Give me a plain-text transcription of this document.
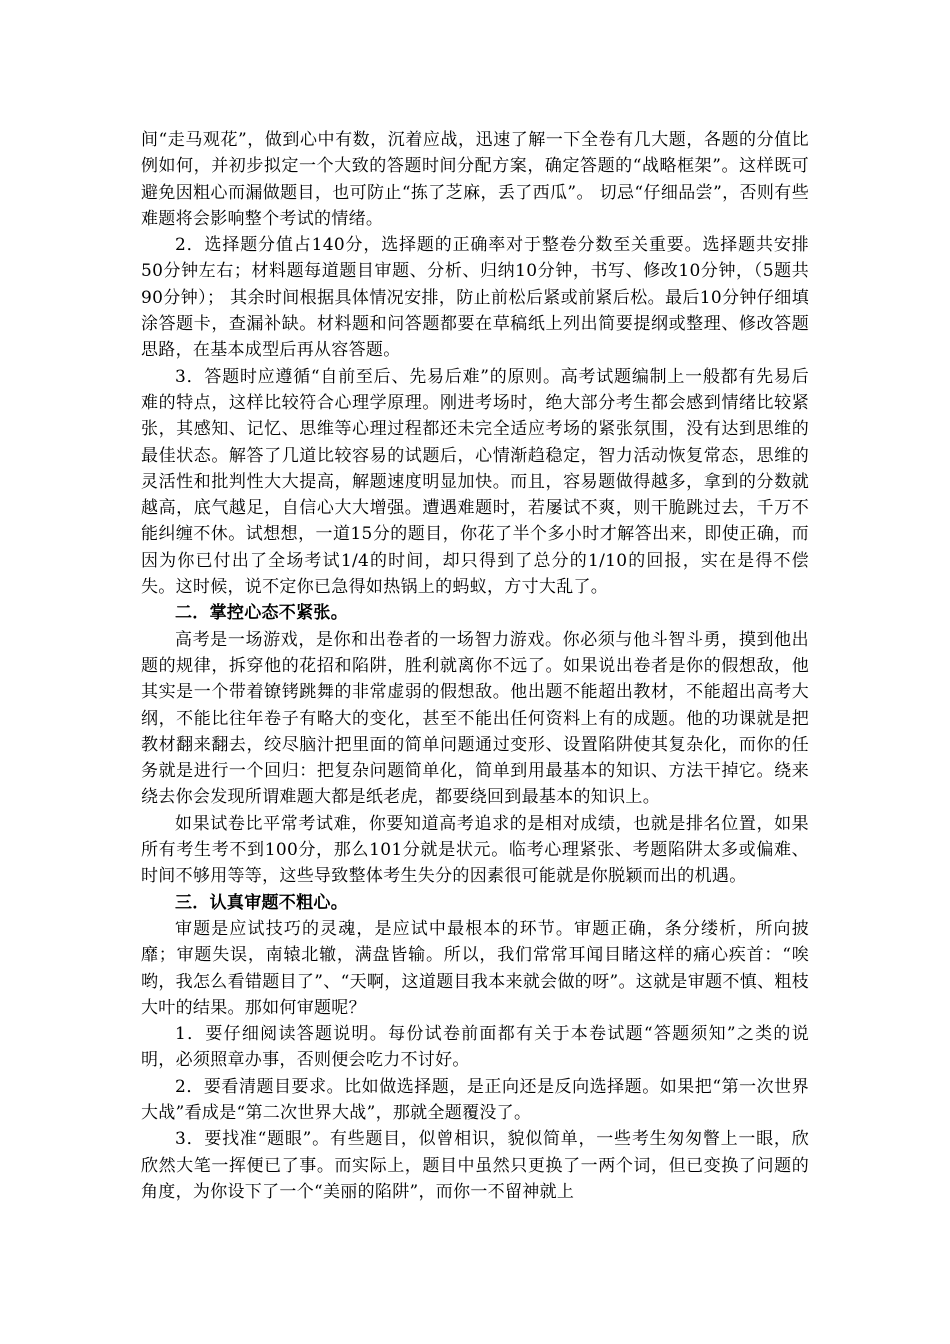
间“走马观花”，做到心中有数，沉着应战，迅速了解一下全卷有几大题，各题的分值比例如何，并初步拟定一个大致的答题时间分配方案，确定答题的“战略框架”。这样既可避免因粗心而漏做题目，也可防止“拣了芝麻，丢了西瓜”。 切忌“仔细品尝”，否则有些难题将会影响整个考试的情绪。

2．选择题分值占140分，选择题的正确率对于整卷分数至关重要。选择题共安排50分钟左右；材料题每道题目审题、分析、归纳10分钟，书写、修改10分钟，（5题共90分钟）； 其余时间根据具体情况安排，防止前松后紧或前紧后松。最后10分钟仔细填涂答题卡，查漏补缺。材料题和问答题都要在草稿纸上列出简要提纲或整理、修改答题思路，在基本成型后再从容答题。

3．答题时应遵循“自前至后、先易后难”的原则。高考试题编制上一般都有先易后难的特点，这样比较符合心理学原理。刚进考场时，绝大部分考生都会感到情绪比较紧张，其感知、记忆、思维等心理过程都还未完全适应考场的紧张氛围，没有达到思维的最佳状态。解答了几道比较容易的试题后，心情渐趋稳定，智力活动恢复常态，思维的灵活性和批判性大大提高，解题速度明显加快。而且，容易题做得越多，拿到的分数就越高，底气越足，自信心大大增强。遭遇难题时，若屡试不爽，则干脆跳过去，千万不能纠缠不休。试想想，一道15分的题目，你花了半个多小时才解答出来，即使正确，而因为你已付出了全场考试1/4的时间，却只得到了总分的1/10的回报，实在是得不偿失。这时候，说不定你已急得如热锅上的蚂蚁，方寸大乱了。

二．掌控心态不紧张。

高考是一场游戏，是你和出卷者的一场智力游戏。你必须与他斗智斗勇，摸到他出题的规律，拆穿他的花招和陷阱，胜利就离你不远了。如果说出卷者是你的假想敌，他其实是一个带着镣铐跳舞的非常虚弱的假想敌。他出题不能超出教材，不能超出高考大纲，不能比往年卷子有略大的变化，甚至不能出任何资料上有的成题。他的功课就是把教材翻来翻去，绞尽脑汁把里面的简单问题通过变形、设置陷阱使其复杂化，而你的任务就是进行一个回归：把复杂问题简单化，简单到用最基本的知识、方法干掉它。绕来绕去你会发现所谓难题大都是纸老虎，都要绕回到最基本的知识上。

如果试卷比平常考试难，你要知道高考追求的是相对成绩，也就是排名位置，如果所有考生考不到100分，那么101分就是状元。临考心理紧张、考题陷阱太多或偏难、时间不够用等等，这些导致整体考生失分的因素很可能就是你脱颖而出的机遇。

三．认真审题不粗心。

审题是应试技巧的灵魂，是应试中最根本的环节。审题正确，条分缕析，所向披靡；审题失误，南辕北辙，满盘皆输。所以，我们常常耳闻目睹这样的痛心疾首：“唉哟，我怎么看错题目了”、“天啊，这道题目我本来就会做的呀”。这就是审题不慎、粗枝大叶的结果。那如何审题呢？

1．要仔细阅读答题说明。每份试卷前面都有关于本卷试题“答题须知”之类的说明，必须照章办事，否则便会吃力不讨好。

2．要看清题目要求。比如做选择题，是正向还是反向选择题。如果把“第一次世界大战”看成是“第二次世界大战”，那就全题覆没了。

3．要找准“题眼”。有些题目，似曾相识，貌似简单，一些考生匆匆瞥上一眼，欣欣然大笔一挥便已了事。而实际上，题目中虽然只更换了一两个词，但已变换了问题的角度，为你设下了一个“美丽的陷阱”，而你一不留神就上
